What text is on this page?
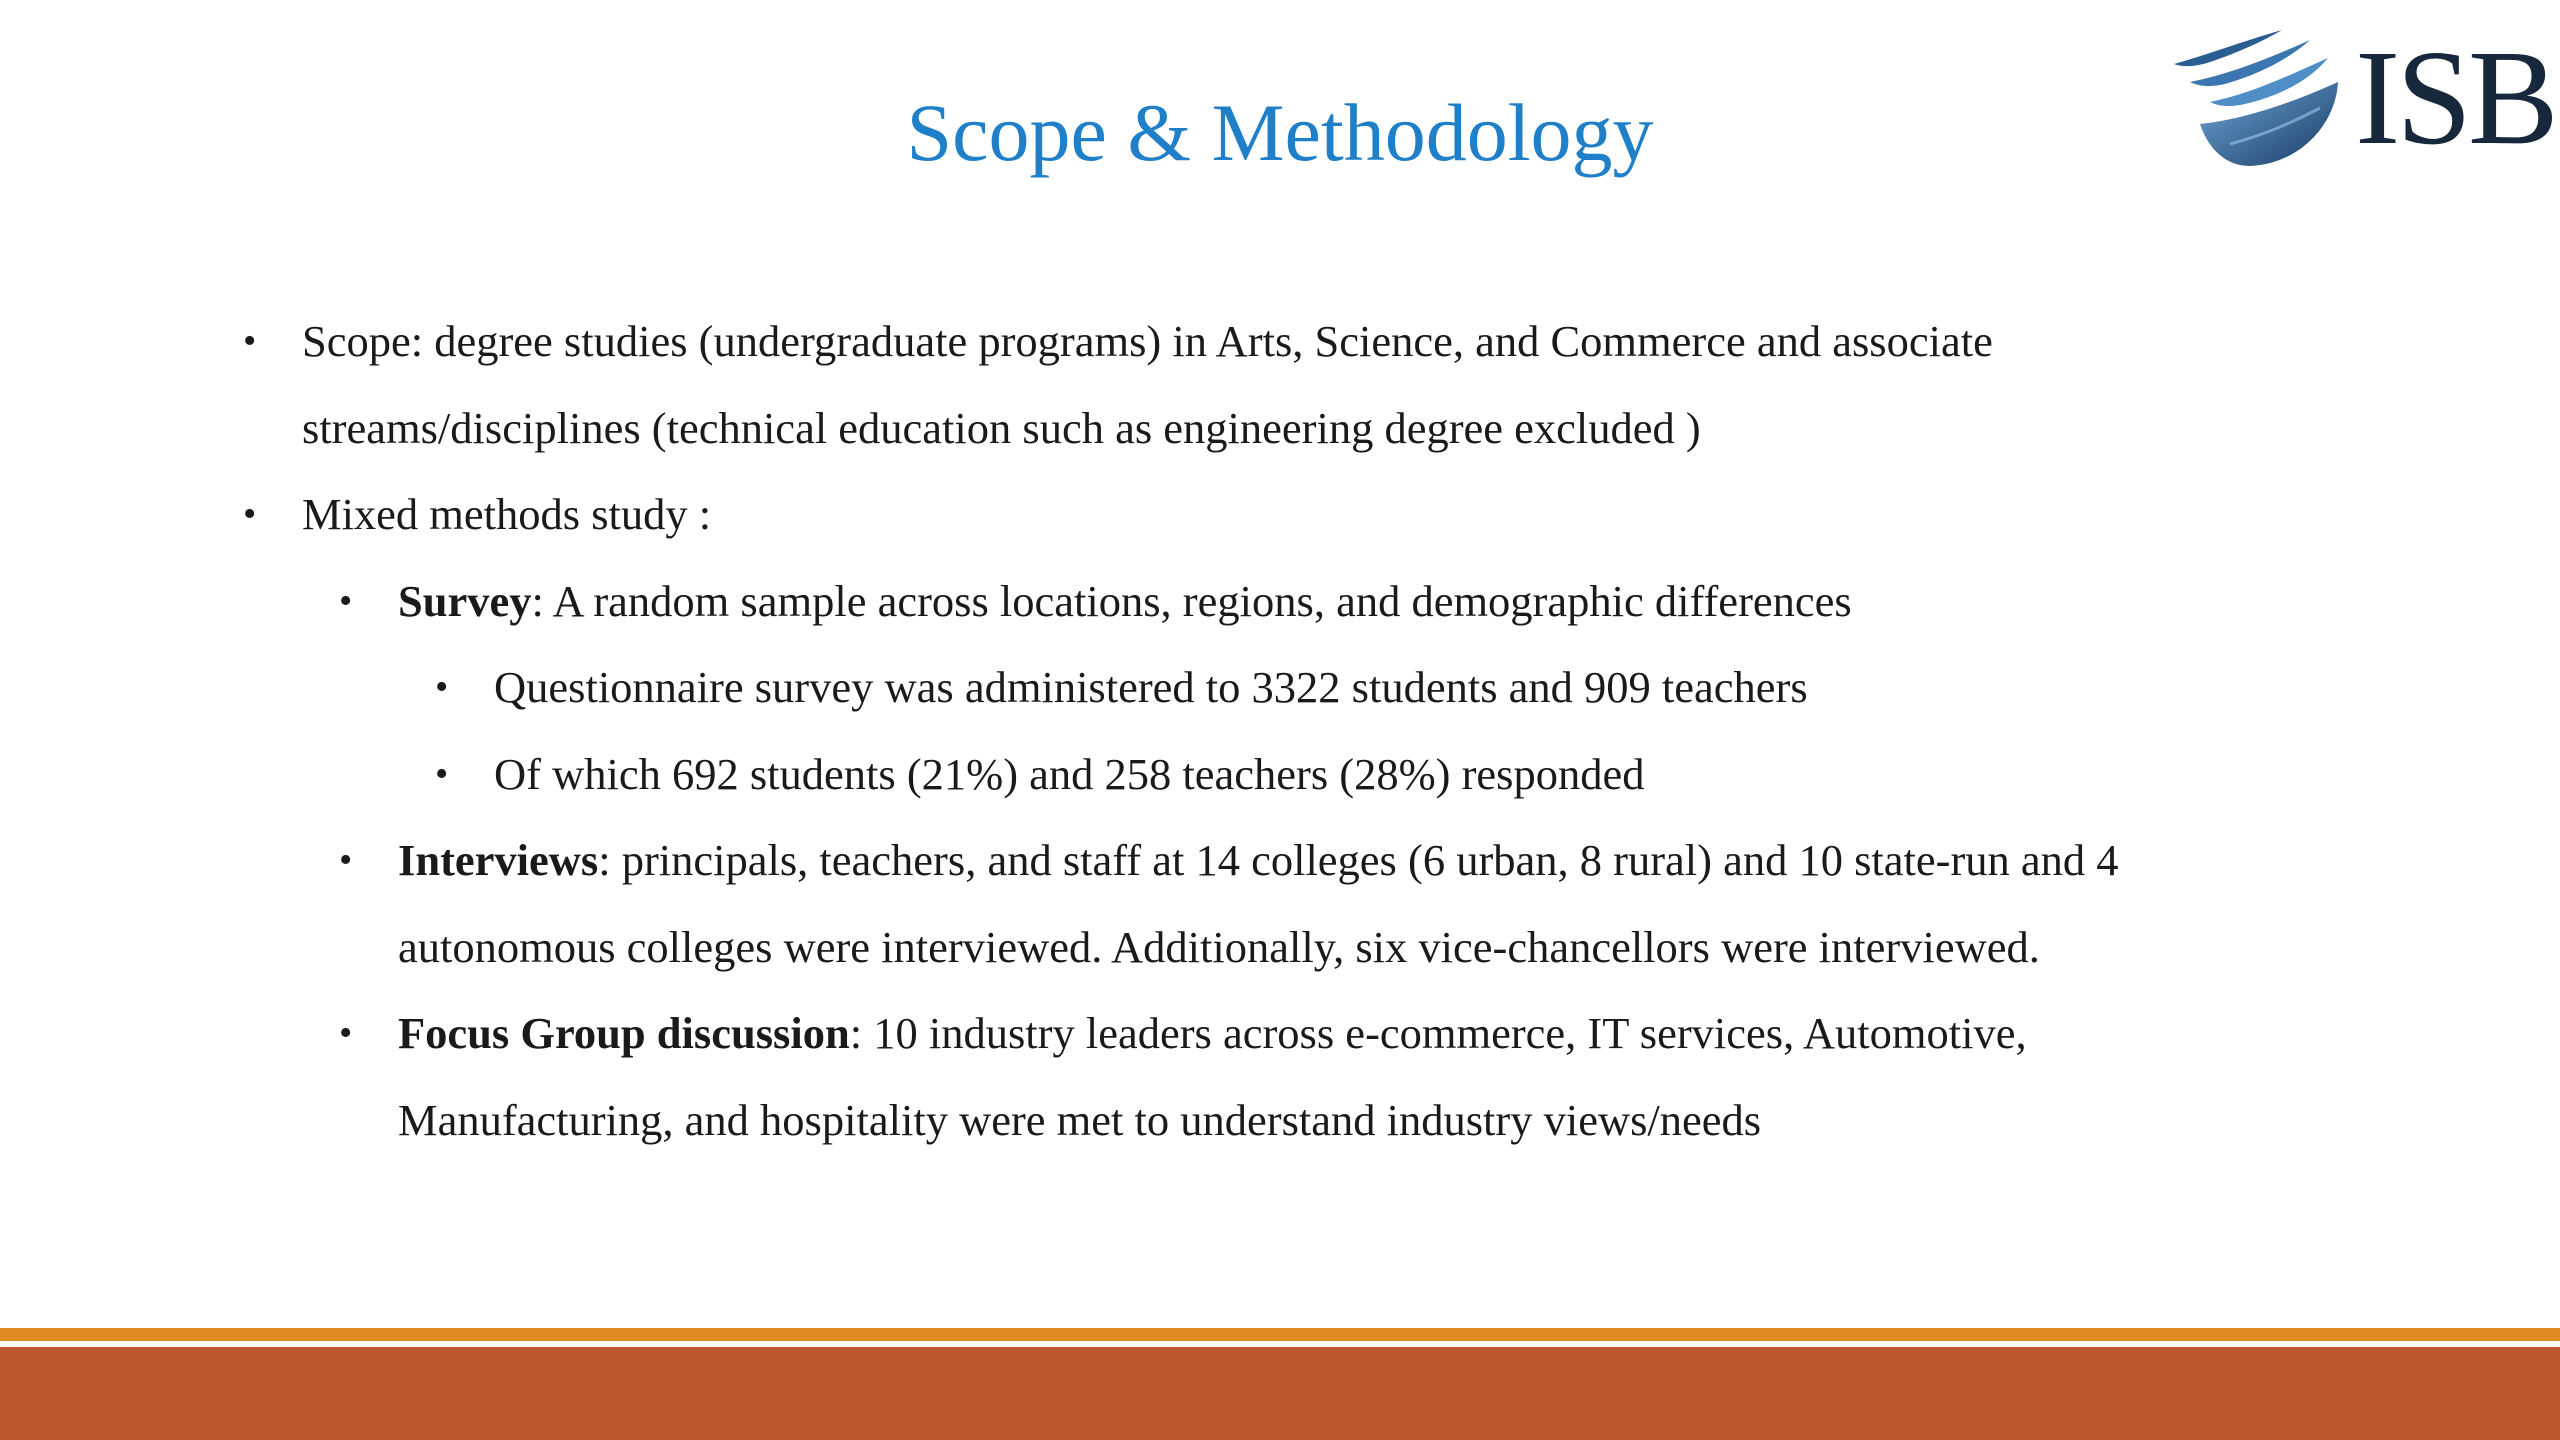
Scope & Methodology	ISB
• Scope: degree studies (undergraduate programs) in Arts, Science, and Commerce and associate
streams/disciplines (technical education such as engineering degree excluded )
• Mixed methods study :
• Survey: A random sample across locations, regions, and demographic differences
• Questionnaire survey was administered to 3322 students and 909 teachers
• Of which 692 students (21%) and 258 teachers (28%) responded
• Interviews: principals, teachers, and staff at 14 colleges (6 urban, 8 rural) and 10 state-run and 4
autonomous colleges were interviewed. Additionally, six vice-chancellors were interviewed.
• Focus Group discussion: 10 industry leaders across e-commerce, IT services, Automotive,
Manufacturing, and hospitality were met to understand industry views/needs
